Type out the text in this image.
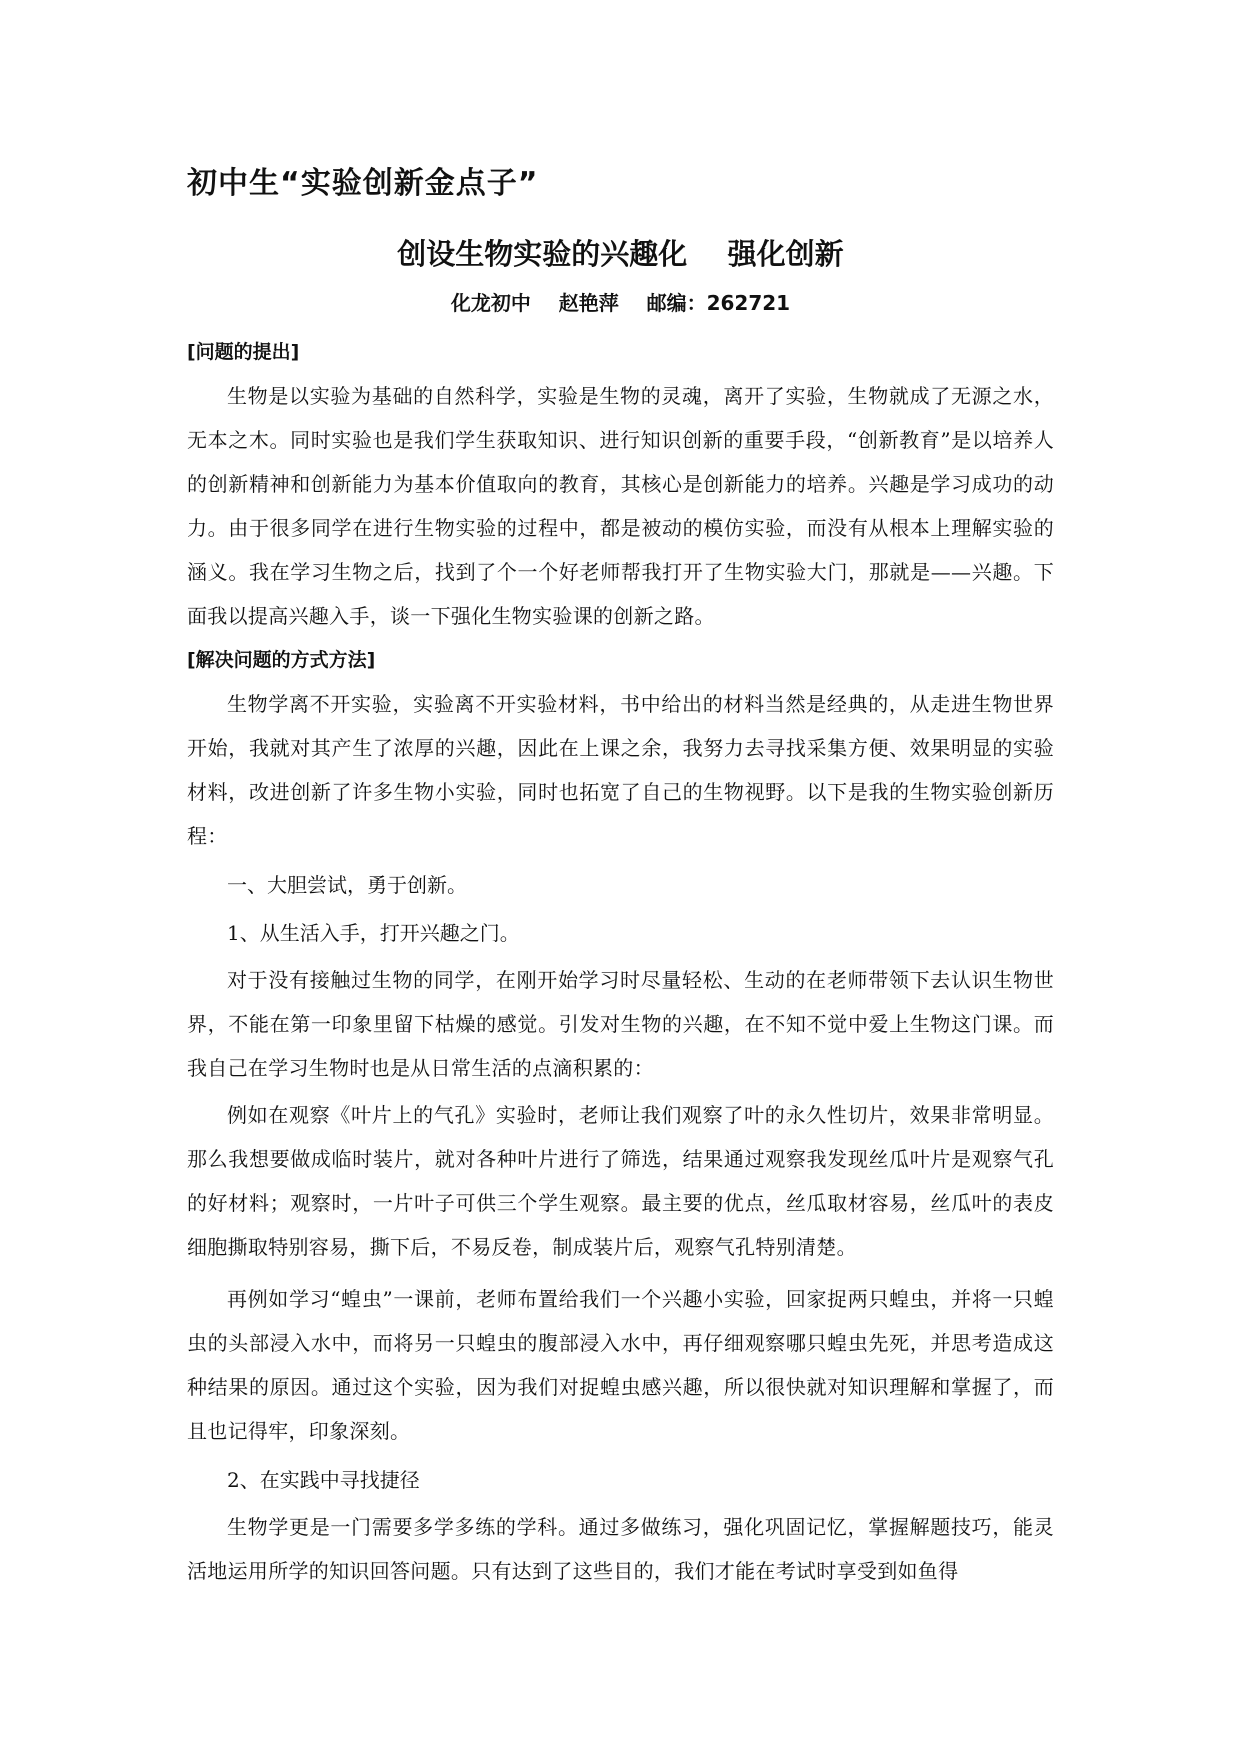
初中生“实验创新金点子”
创设生物实验的兴趣化    强化创新
化龙初中    赵艳萍    邮编：262721
[问题的提出]

生物是以实验为基础的自然科学，实验是生物的灵魂，离开了实验，生物就成了无源之水，无本之木。同时实验也是我们学生获取知识、进行知识创新的重要手段，“创新教育”是以培养人的创新精神和创新能力为基本价值取向的教育，其核心是创新能力的培养。兴趣是学习成功的动力。由于很多同学在进行生物实验的过程中，都是被动的模仿实验，而没有从根本上理解实验的涵义。我在学习生物之后，找到了个一个好老师帮我打开了生物实验大门，那就是——兴趣。下面我以提高兴趣入手，谈一下强化生物实验课的创新之路。

[解决问题的方式方法]

生物学离不开实验，实验离不开实验材料，书中给出的材料当然是经典的，从走进生物世界开始，我就对其产生了浓厚的兴趣，因此在上课之余，我努力去寻找采集方便、效果明显的实验材料，改进创新了许多生物小实验，同时也拓宽了自己的生物视野。以下是我的生物实验创新历程：

一、大胆尝试，勇于创新。

1、从生活入手，打开兴趣之门。

对于没有接触过生物的同学，在刚开始学习时尽量轻松、生动的在老师带领下去认识生物世界，不能在第一印象里留下枯燥的感觉。引发对生物的兴趣，在不知不觉中爱上生物这门课。而我自己在学习生物时也是从日常生活的点滴积累的：

例如在观察《叶片上的气孔》实验时，老师让我们观察了叶的永久性切片，效果非常明显。那么我想要做成临时装片，就对各种叶片进行了筛选，结果通过观察我发现丝瓜叶片是观察气孔的好材料；观察时，一片叶子可供三个学生观察。最主要的优点，丝瓜取材容易，丝瓜叶的表皮细胞撕取特别容易，撕下后，不易反卷，制成装片后，观察气孔特别清楚。

再例如学习“蝗虫”一课前，老师布置给我们一个兴趣小实验，回家捉两只蝗虫，并将一只蝗虫的头部浸入水中，而将另一只蝗虫的腹部浸入水中，再仔细观察哪只蝗虫先死，并思考造成这种结果的原因。通过这个实验，因为我们对捉蝗虫感兴趣，所以很快就对知识理解和掌握了，而且也记得牢，印象深刻。

2、在实践中寻找捷径

生物学更是一门需要多学多练的学科。通过多做练习，强化巩固记忆，掌握解题技巧，能灵活地运用所学的知识回答问题。只有达到了这些目的，我们才能在考试时享受到如鱼得
